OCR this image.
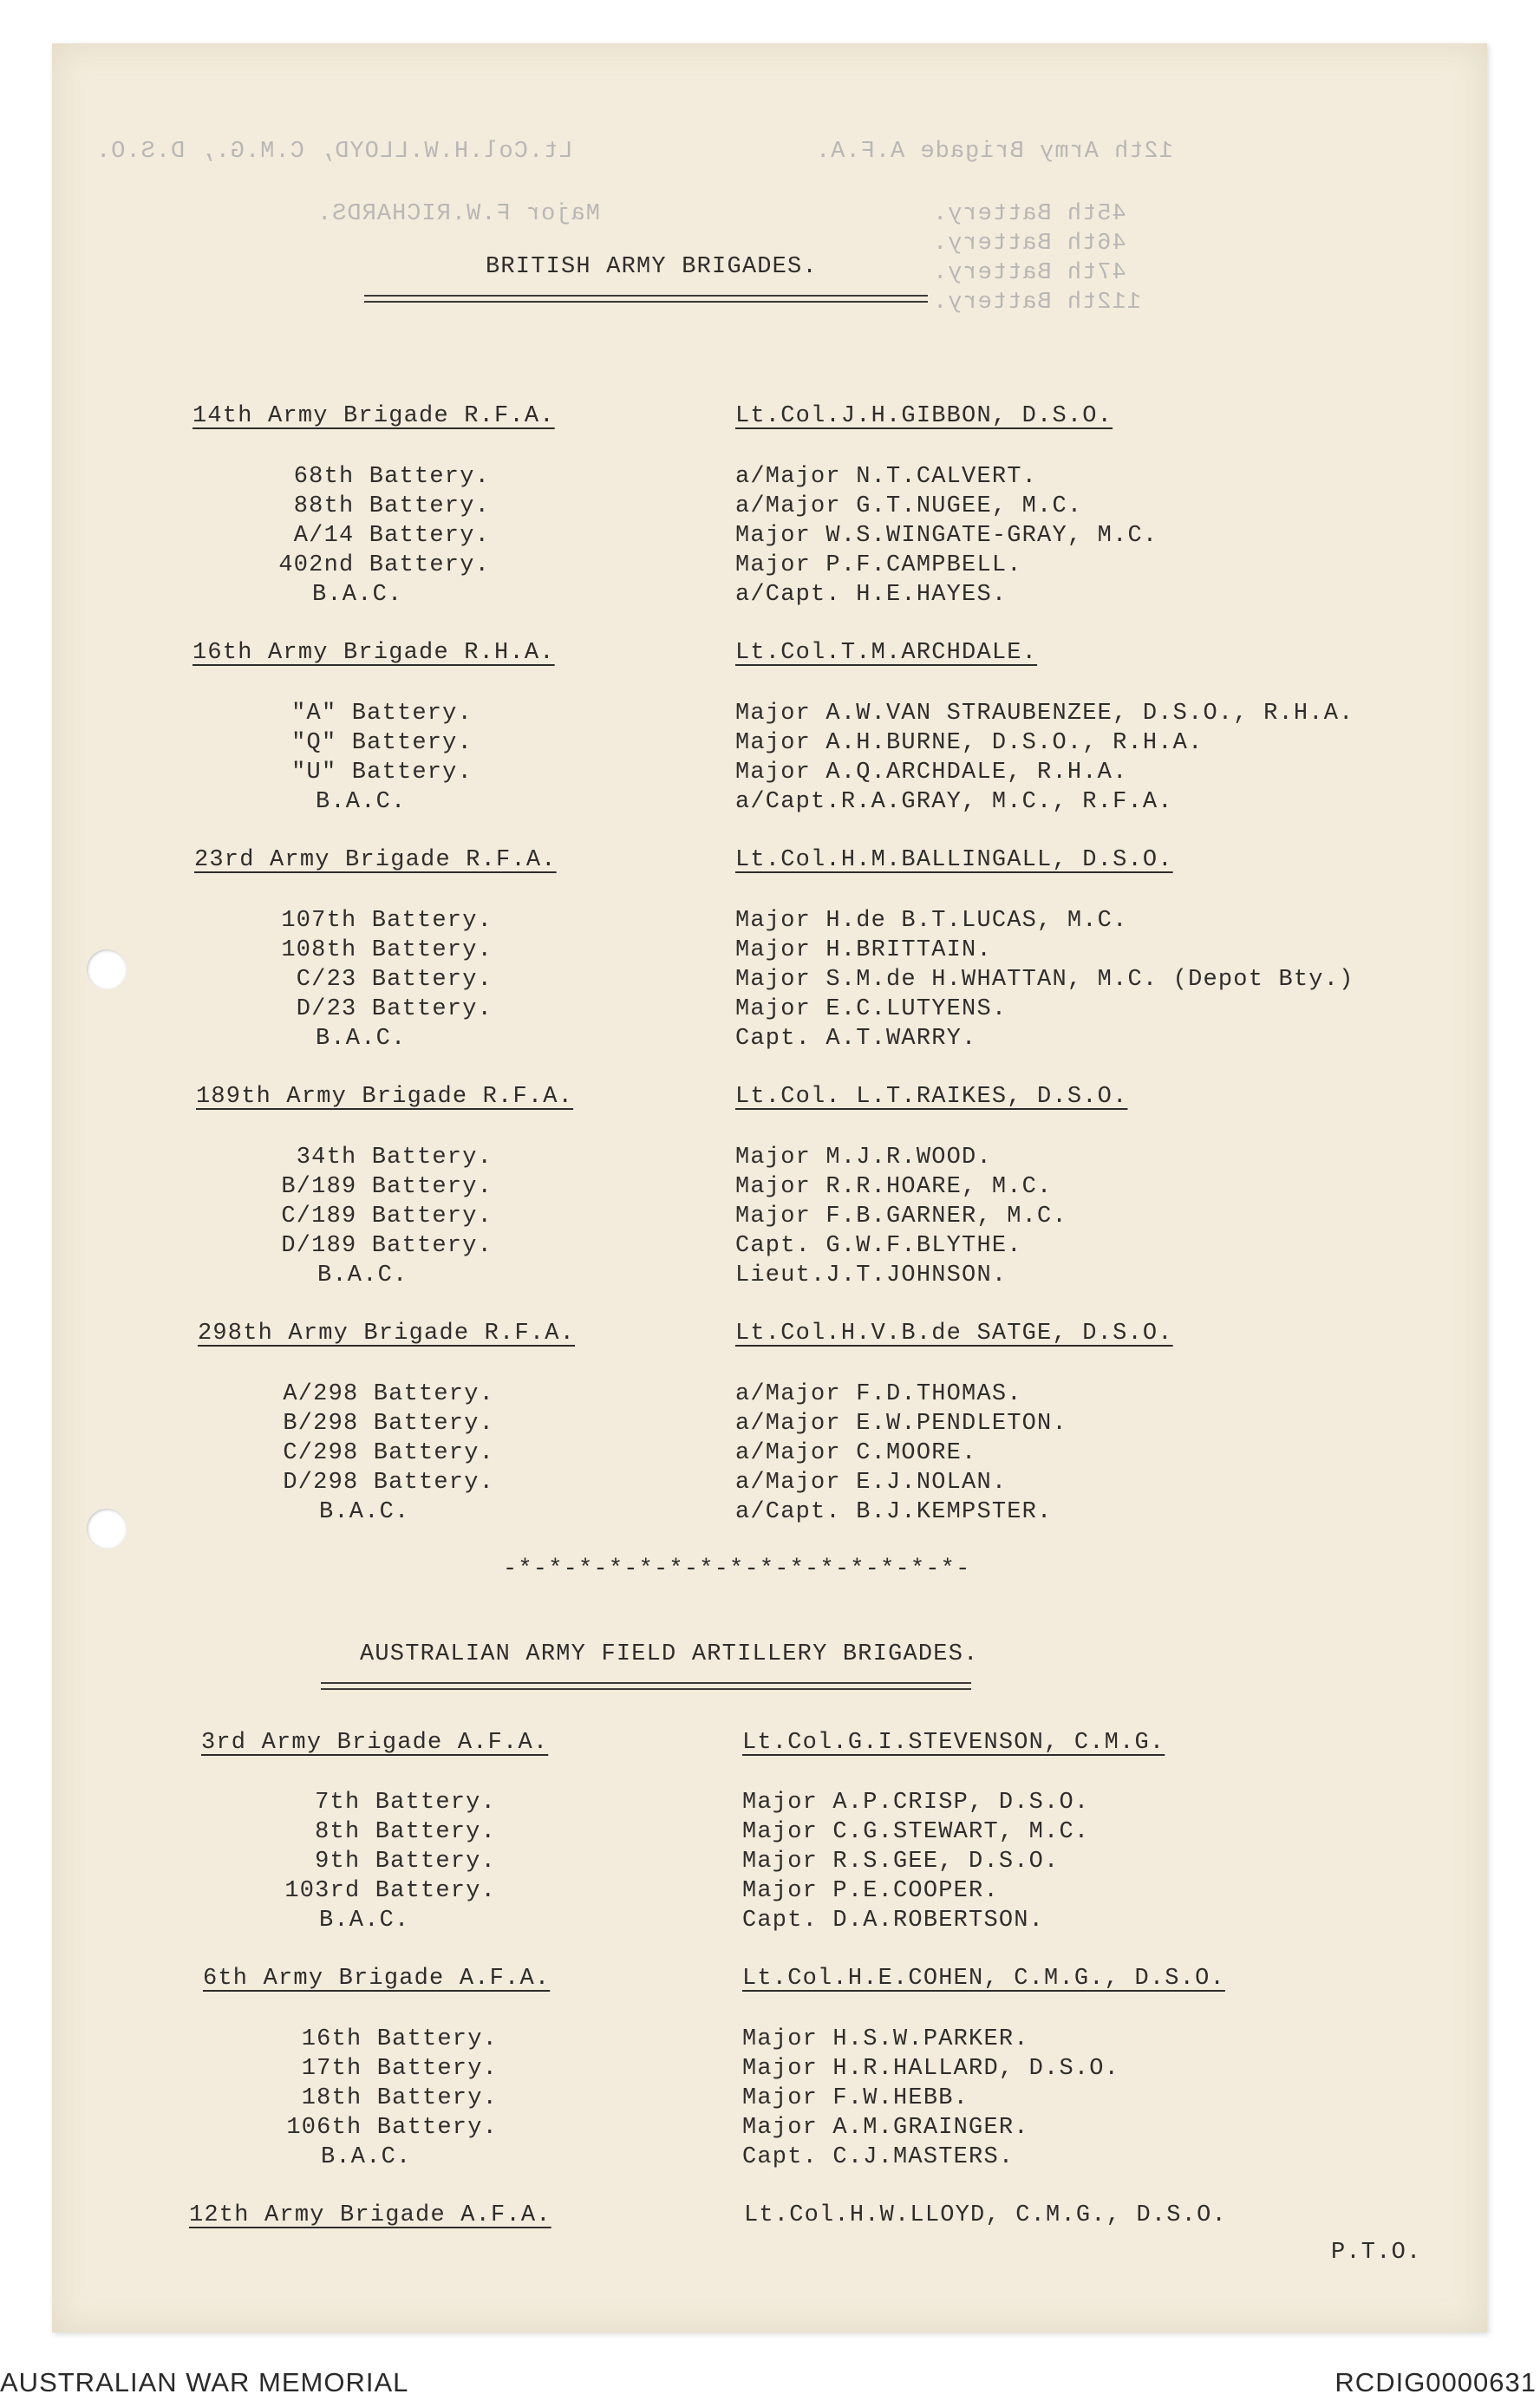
Lt.Col.H.W.LLOYD, C.M.G., D.S.O.	12th Army Brigade A.F.A.
Major F.W.RICHARDS.	45th Battery.
46th Battery.
47th Battery.
112th Battery.
BRITISH ARMY BRIGADES.
14th Army Brigade R.F.A.	Lt.Col.J.H.GIBBON, D.S.O.
68th Battery.	a/Major N.T.CALVERT.
88th Battery.	a/Major G.T.NUGEE, M.C.
A/14 Battery.	Major W.S.WINGATE-GRAY, M.C.
402nd Battery.	Major P.F.CAMPBELL.
B.A.C.	a/Capt. H.E.HAYES.
16th Army Brigade R.H.A.	Lt.Col.T.M.ARCHDALE.
"A" Battery.	Major A.W.VAN STRAUBENZEE, D.S.O., R.H.A.
"Q" Battery.	Major A.H.BURNE, D.S.O., R.H.A.
"U" Battery.	Major A.Q.ARCHDALE, R.H.A.
B.A.C.	a/Capt.R.A.GRAY, M.C., R.F.A.
23rd Army Brigade R.F.A.	Lt.Col.H.M.BALLINGALL, D.S.O.
107th Battery.	Major H.de B.T.LUCAS, M.C.
108th Battery.	Major H.BRITTAIN.
C/23 Battery.	Major S.M.de H.WHATTAN, M.C. (Depot Bty.)
D/23 Battery.	Major E.C.LUTYENS.
B.A.C.	Capt. A.T.WARRY.
189th Army Brigade R.F.A.	Lt.Col. L.T.RAIKES, D.S.O.
34th Battery.	Major M.J.R.WOOD.
B/189 Battery.	Major R.R.HOARE, M.C.
C/189 Battery.	Major F.B.GARNER, M.C.
D/189 Battery.	Capt. G.W.F.BLYTHE.
B.A.C.	Lieut.J.T.JOHNSON.
298th Army Brigade R.F.A.	Lt.Col.H.V.B.de SATGE, D.S.O.
A/298 Battery.	a/Major F.D.THOMAS.
B/298 Battery.	a/Major E.W.PENDLETON.
C/298 Battery.	a/Major C.MOORE.
D/298 Battery.	a/Major E.J.NOLAN.
B.A.C.	a/Capt. B.J.KEMPSTER.
-*-*-*-*-*-*-*-*-*-*-*-*-*-*-*-
AUSTRALIAN ARMY FIELD ARTILLERY BRIGADES.
3rd Army Brigade A.F.A.	Lt.Col.G.I.STEVENSON, C.M.G.
7th Battery.	Major A.P.CRISP, D.S.O.
8th Battery.	Major C.G.STEWART, M.C.
9th Battery.	Major R.S.GEE, D.S.O.
103rd Battery.	Major P.E.COOPER.
B.A.C.	Capt. D.A.ROBERTSON.
6th Army Brigade A.F.A.	Lt.Col.H.E.COHEN, C.M.G., D.S.O.
16th Battery.	Major H.S.W.PARKER.
17th Battery.	Major H.R.HALLARD, D.S.O.
18th Battery.	Major F.W.HEBB.
106th Battery.	Major A.M.GRAINGER.
B.A.C.	Capt. C.J.MASTERS.
12th Army Brigade A.F.A.	Lt.Col.H.W.LLOYD, C.M.G., D.S.O.
P.T.O.
AUSTRALIAN WAR MEMORIAL	RCDIG0000631
